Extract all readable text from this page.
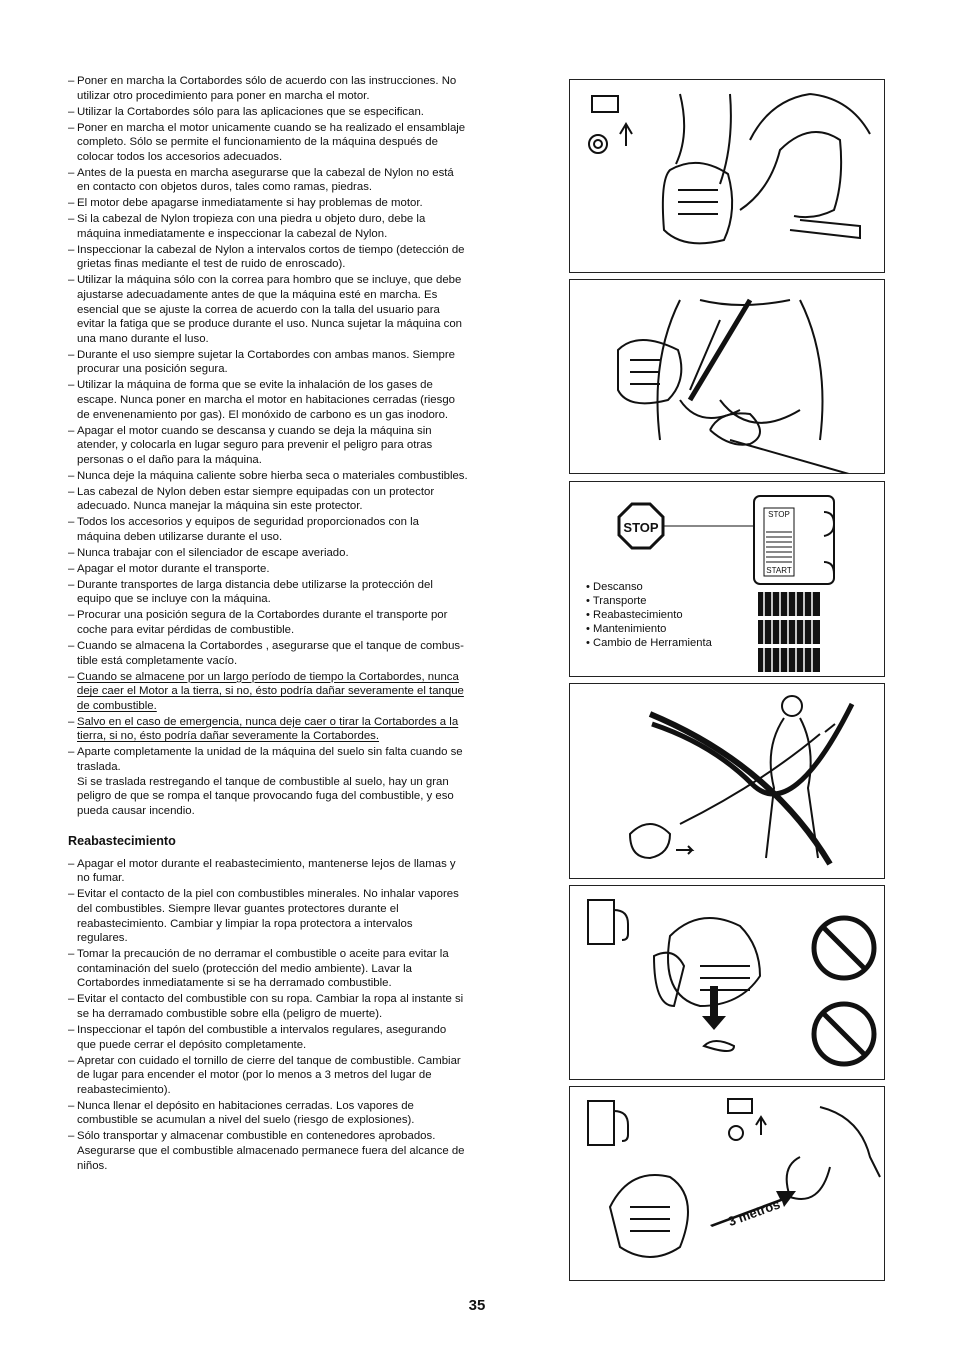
– Poner en marcha la Cortabordes sólo de acuerdo con las instrucciones. No
utilizar otro procedimiento para poner en marcha el motor.
– Utilizar la Cortabordes sólo para las aplicaciones que se especifican.
– Poner en marcha el motor unicamente cuando se ha realizado el ensamblaje
completo. Sólo se permite el funcionamiento de la máquina después de
colocar todos los accesorios adecuados.
– Antes de la puesta en marcha asegurarse que la cabezal de Nylon no está
en contacto con objetos duros, tales como ramas, piedras.
– El motor debe apagarse inmediatamente si hay problemas de motor.
– Si la cabezal de Nylon tropieza con una piedra u objeto duro, debe la
máquina inmediatamente e inspeccionar la cabezal de Nylon.
– Inspeccionar la cabezal de Nylon a intervalos cortos de tiempo (detección de
grietas finas mediante el test de ruido de enroscado).
– Utilizar la máquina sólo con la correa para hombro que se incluye, que debe
ajustarse adecuadamente antes de que la máquina esté en marcha. Es
esencial que se ajuste la correa de acuerdo con la talla del usuario para
evitar la fatiga que se produce durante el uso. Nunca sujetar la máquina con
una mano durante el luso.
– Durante el uso siempre sujetar la Cortabordes con ambas manos. Siempre
procurar una posición segura.
– Utilizar la máquina de forma que se evite la inhalación de los gases de
escape. Nunca poner en marcha el motor en habitaciones cerradas (riesgo
de envenenamiento por gas). El monóxido de carbono es un gas inodoro.
– Apagar el motor cuando se descansa y cuando se deja la máquina sin
atender, y colocarla en lugar seguro para prevenir el peligro para otras
personas o el daño para la máquina.
– Nunca deje la máquina caliente sobre hierba seca o materiales combustibles.
– Las cabezal de Nylon deben estar siempre equipadas con un protector
adecuado. Nunca manejar la máquina sin este protector.
– Todos los accesorios y equipos de seguridad proporcionados con la
máquina deben utilizarse durante el uso.
– Nunca trabajar con el silenciador de escape averiado.
– Apagar el motor durante el transporte.
– Durante transportes de larga distancia debe utilizarse la protección del
equipo que se incluye con la máquina.
– Procurar una posición segura de la Cortabordes durante el transporte por
coche para evitar pérdidas de combustible.
– Cuando se almacena la Cortabordes , asegurarse que el tanque de combus-
tible está completamente vacío.
– Cuando se almacene por un largo período de tiempo la Cortabordes, nunca
deje caer el Motor a la tierra, si no, ésto podría dañar severamente el tanque
de combustible.
– Salvo en el caso de emergencia, nunca deje caer o tirar la Cortabordes a la
tierra, si no, ésto podría dañar severamente la Cortabordes.
– Aparte completamente la unidad de la máquina del suelo sin falta cuando se
traslada.
Si se traslada restregando el tanque de combustible al suelo, hay un gran
peligro de que se rompa el tanque provocando fuga del combustible, y eso
pueda causar incendio.
Reabastecimiento
– Apagar el motor durante el reabastecimiento, mantenerse lejos de llamas y
no fumar.
– Evitar el contacto de la piel con combustibles minerales. No inhalar vapores
del combustibles. Siempre llevar guantes protectores durante el
reabastecimiento. Cambiar y limpiar la ropa protectora a intervalos
regulares.
– Tomar la precaución de no derramar el combustible o aceite para evitar la
contaminación del suelo (protección del medio ambiente). Lavar la
Cortabordes inmediatamente si se ha derramado combustible.
– Evitar el contacto del combustible con su ropa. Cambiar la ropa al instante si
se ha derramado combustible sobre ella (peligro de muerte).
– Inspeccionar el tapón del combustible a intervalos regulares, asegurando
que puede cerrar el depósito completamente.
– Apretar con cuidado el tornillo de cierre del tanque de combustible. Cambiar
de lugar para encender el motor (por lo menos a 3 metros del lugar de
reabastecimiento).
– Nunca llenar el depósito en habitaciones cerradas. Los vapores de
combustible se acumulan a nivel del suelo (riesgo de explosiones).
– Sólo transportar y almacenar combustible en contenedores aprobados.
Asegurarse que el combustible almacenado permanece fuera del alcance de
niños.
STOP
STOP
START
• Descanso
• Transporte
• Reabastecimiento
• Mantenimiento
• Cambio de Herramienta
3 metros
35
